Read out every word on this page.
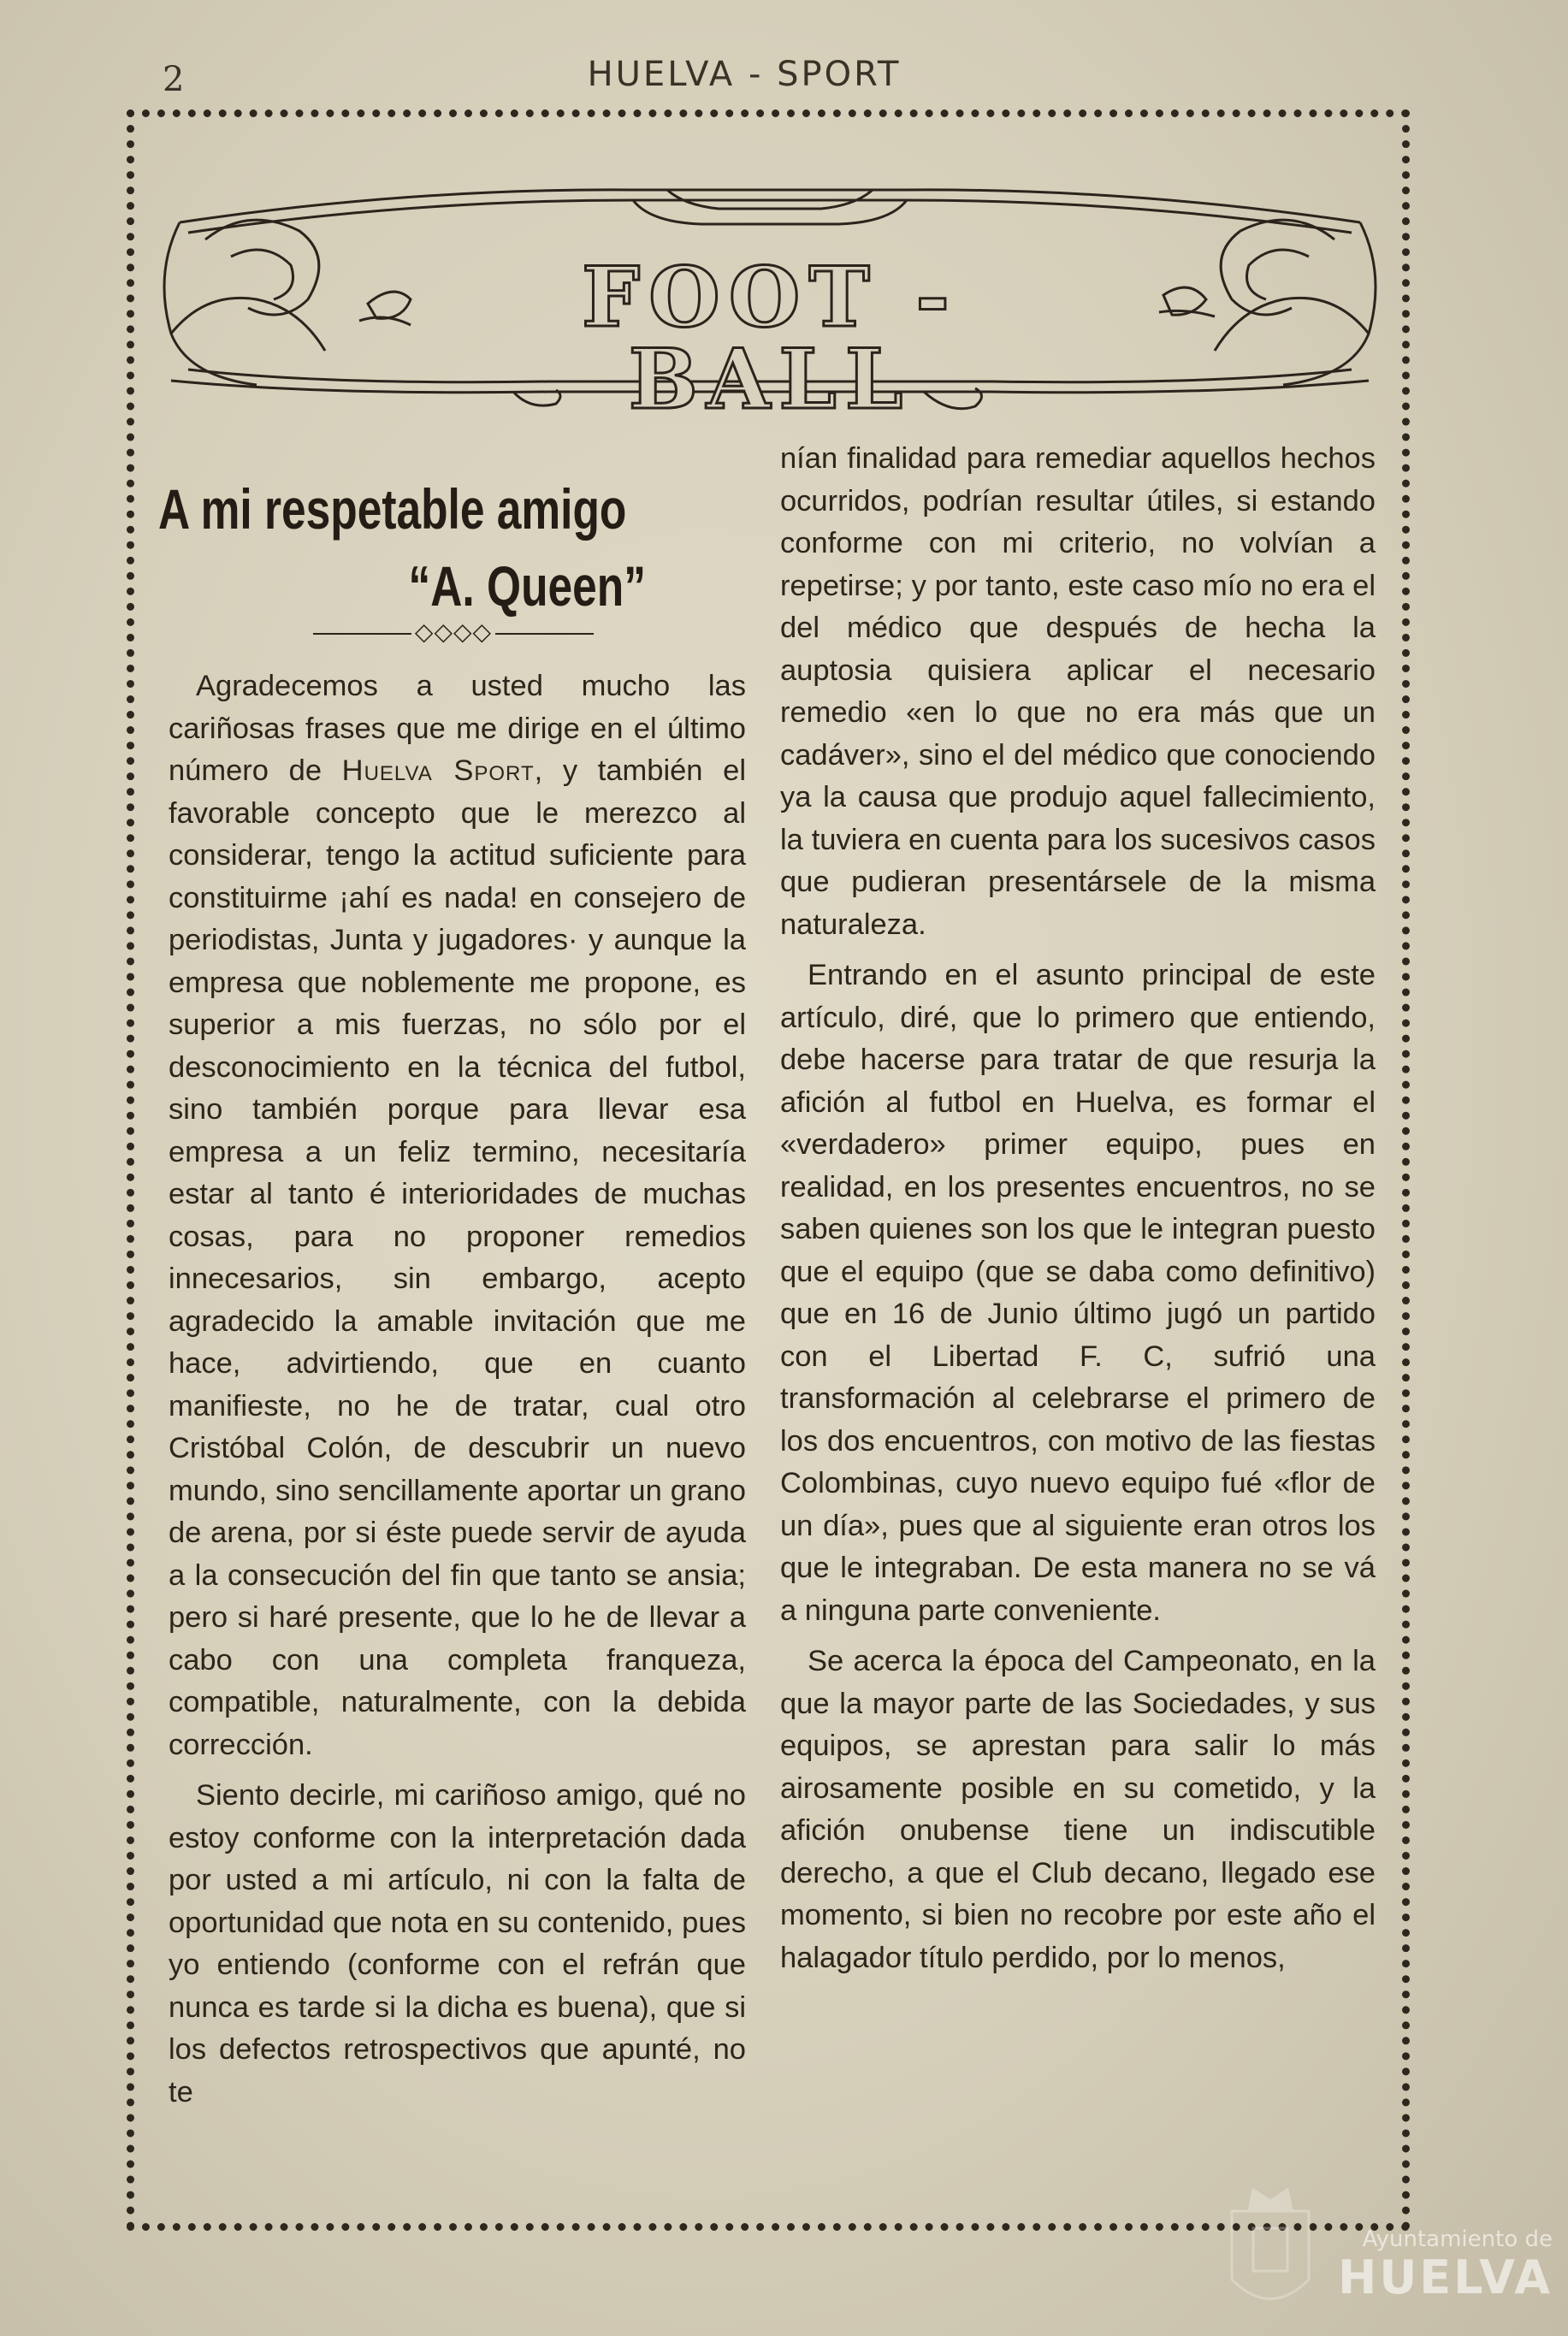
2	HUELVA - SPORT
FOOT - BALL
A mi respetable amigo
“A. Queen”
◇◇◇◇

Agradecemos a usted mucho las cariñosas frases que me dirige en el último número de Huelva Sport, y también el favorable concepto que le merezco al considerar, tengo la actitud suficiente para constituirme ¡ahí es nada! en consejero de periodistas, Junta y jugadores· y aunque la empresa que noblemente me propone, es superior a mis fuerzas, no sólo por el desconocimiento en la técnica del futbol, sino también porque para llevar esa empresa a un feliz termino, necesitaría estar al tanto é interioridades de muchas cosas, para no proponer remedios innecesarios, sin embargo, acepto agradecido la amable invitación que me hace, advirtiendo, que en cuanto manifieste, no he de tratar, cual otro Cristóbal Colón, de descubrir un nuevo mundo, sino sencillamente aportar un grano de arena, por si éste puede servir de ayuda a la consecución del fin que tanto se ansia; pero si haré presente, que lo he de llevar a cabo con una completa franqueza, compatible, naturalmente, con la debida corrección.

Siento decirle, mi cariñoso amigo, qué no estoy conforme con la interpretación dada por usted a mi artículo, ni con la falta de oportunidad que nota en su contenido, pues yo entiendo (conforme con el refrán que nunca es tarde si la dicha es buena), que si los defectos retrospectivos que apunté, no te

nían finalidad para remediar aquellos hechos ocurridos, podrían resultar útiles, si estando conforme con mi criterio, no volvían a repetirse; y por tanto, este caso mío no era el del médico que después de hecha la auptosia quisiera aplicar el necesario remedio «en lo que no era más que un cadáver», sino el del médico que conociendo ya la causa que produjo aquel fallecimiento, la tuviera en cuenta para los sucesivos casos que pudieran presentársele de la misma naturaleza.

Entrando en el asunto principal de este artículo, diré, que lo primero que entiendo, debe hacerse para tratar de que resurja la afición al futbol en Huelva, es formar el «verdadero» primer equipo, pues en realidad, en los presentes encuentros, no se saben quienes son los que le integran puesto que el equipo (que se daba como definitivo) que en 16 de Junio último jugó un partido con el Libertad F. C, sufrió una transformación al celebrarse el primero de los dos encuentros, con motivo de las fiestas Colombinas, cuyo nuevo equipo fué «flor de un día», pues que al siguiente eran otros los que le integraban. De esta manera no se vá a ninguna parte conveniente.

Se acerca la época del Campeonato, en la que la mayor parte de las Sociedades, y sus equipos, se aprestan para salir lo más airosamente posible en su cometido, y la afición onubense tiene un indiscutible derecho, a que el Club decano, llegado ese momento, si bien no recobre por este año el halagador título perdido, por lo menos,

Ayuntamiento de
HUELVA
